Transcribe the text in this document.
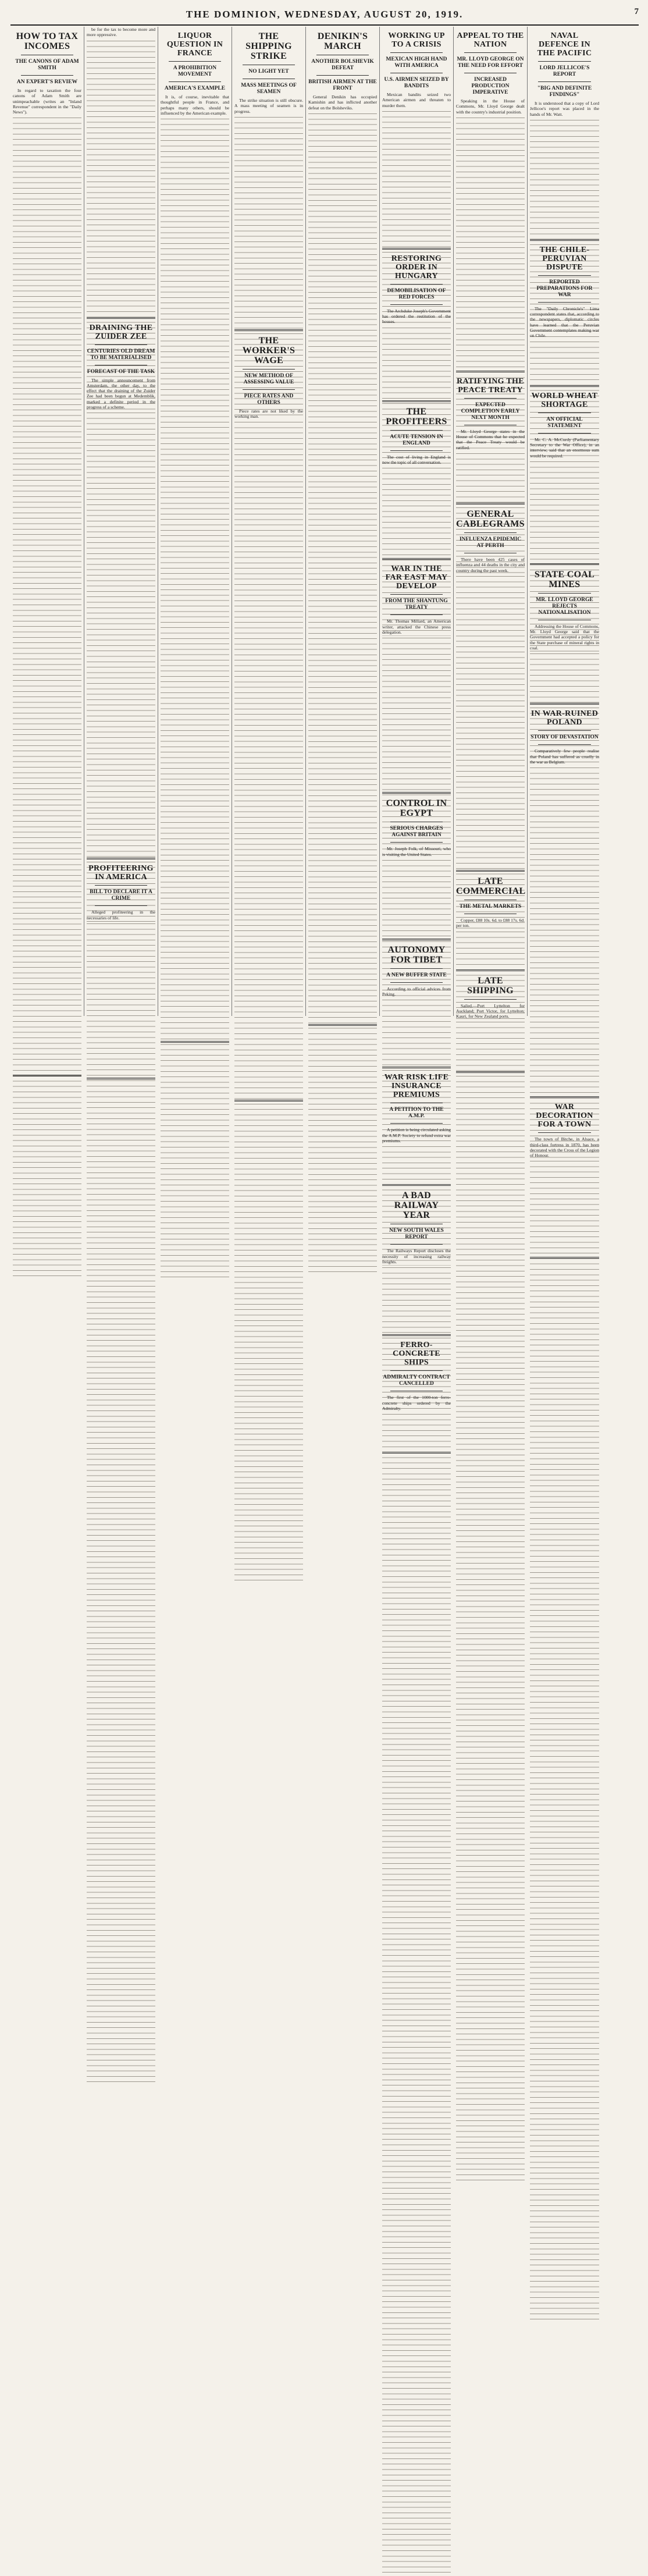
THE DOMINION, WEDNESDAY, AUGUST 20, 1919.	7
HOW TO TAX INCOMES
THE CANONS OF ADAM SMITH
AN EXPERT'S REVIEW

In regard to taxation the four canons of Adam Smith are unimpeachable (writes an "Inland Revenue" correspondent in the "Daily News").

be for the tax to become more and more oppressive.

DRAINING THE ZUIDER ZEE
CENTURIES OLD DREAM TO BE MATERIALISED
FORECAST OF THE TASK

The simple announcement from Amsterdam, the other day, to the effect that the draining of the Zuider Zee had been begun at Medemblik, marked a definite period in the progress of a scheme.

PROFITEERING IN AMERICA
BILL TO DECLARE IT A CRIME

Alleged profiteering in the necessaries of life.

LIQUOR QUESTION IN FRANCE
A PROHIBITION MOVEMENT
AMERICA'S EXAMPLE

It is, of course, inevitable that thoughtful people in France, and perhaps many others, should be influenced by the American example.

THE SHIPPING STRIKE
NO LIGHT YET
MASS MEETINGS OF SEAMEN

The strike situation is still obscure. A mass meeting of seamen is in progress.

THE WORKER'S WAGE
NEW METHOD OF ASSESSING VALUE
PIECE RATES AND OTHERS

Piece rates are not liked by the working man.

DENIKIN'S MARCH
ANOTHER BOLSHEVIK DEFEAT
BRITISH AIRMEN AT THE FRONT

General Denikin has occupied Kamishin and has inflicted another defeat on the Bolsheviks.

WORKING UP TO A CRISIS
MEXICAN HIGH HAND WITH AMERICA
U.S. AIRMEN SEIZED BY BANDITS

Mexican bandits seized two American airmen and threaten to murder them.

RESTORING ORDER IN HUNGARY
DEMOBILISATION OF RED FORCES

The Archduke Joseph's Government has ordered the restitution of the houses.

THE PROFITEERS
ACUTE TENSION IN ENGLAND

The cost of living in England is now the topic of all conversation.

WAR IN THE FAR EAST MAY DEVELOP
FROM THE SHANTUNG TREATY

Mr. Thomas Millard, an American writer, attacked the Chinese press delegation.

CONTROL IN EGYPT
SERIOUS CHARGES AGAINST BRITAIN

Mr. Joseph Folk, of Missouri, who is visiting the United States.

AUTONOMY FOR TIBET
A NEW BUFFER STATE

According to official advices from Peking.

WAR RISK LIFE INSURANCE PREMIUMS
A PETITION TO THE A.M.P.

A petition is being circulated asking the A.M.P. Society to refund extra war premiums.

A BAD RAILWAY YEAR
NEW SOUTH WALES REPORT

The Railways Report discloses the necessity of increasing railway freights.

FERRO-CONCRETE SHIPS
ADMIRALTY CONTRACT CANCELLED

The first of the 1000-ton ferro-concrete ships ordered by the Admiralty.

APPEAL TO THE NATION
MR. LLOYD GEORGE ON THE NEED FOR EFFORT
INCREASED PRODUCTION IMPERATIVE

Speaking in the House of Commons, Mr. Lloyd George dealt with the country's industrial position.

RATIFYING THE PEACE TREATY
EXPECTED COMPLETION EARLY NEXT MONTH

Mr. Lloyd George states in the House of Commons that he expected that the Peace Treaty would be ratified.

GENERAL CABLEGRAMS
INFLUENZA EPIDEMIC AT PERTH

There have been 425 cases of influenza and 44 deaths in the city and country during the past week.

LATE COMMERCIAL
THE METAL MARKETS

Copper, £88 10s. 6d. to £88 17s. 6d. per ton.

LATE SHIPPING

Sailed.—Port Lyttelton for Auckland; Port Victor, for Lyttelton; Kauri, for New Zealand ports.

NAVAL DEFENCE IN THE PACIFIC
LORD JELLICOE'S REPORT
"BIG AND DEFINITE FINDINGS"

It is understood that a copy of Lord Jellicoe's report was placed in the hands of Mr. Watt.

THE CHILE-PERUVIAN DISPUTE
REPORTED PREPARATIONS FOR WAR

The "Daily Chronicle's" Lima correspondent states that, according to the newspapers, diplomatic circles have learned that the Peruvian Government contemplates making war on Chile.

WORLD WHEAT SHORTAGE
AN OFFICIAL STATEMENT

Mr. C. A. McCurdy (Parliamentary Secretary to the War Office), in an interview, said that an enormous sum would be required.

STATE COAL MINES
MR. LLOYD GEORGE REJECTS NATIONALISATION

Addressing the House of Commons, Mr. Lloyd George said that the Government had accepted a policy for the State purchase of mineral rights in coal.

IN WAR-RUINED POLAND
STORY OF DEVASTATION

Comparatively few people realise that Poland has suffered as cruelly in the war as Belgium.

WAR DECORATION FOR A TOWN

The town of Bitche, in Alsace, a third-class fortress in 1870, has been decorated with the Cross of the Legion of Honour.
